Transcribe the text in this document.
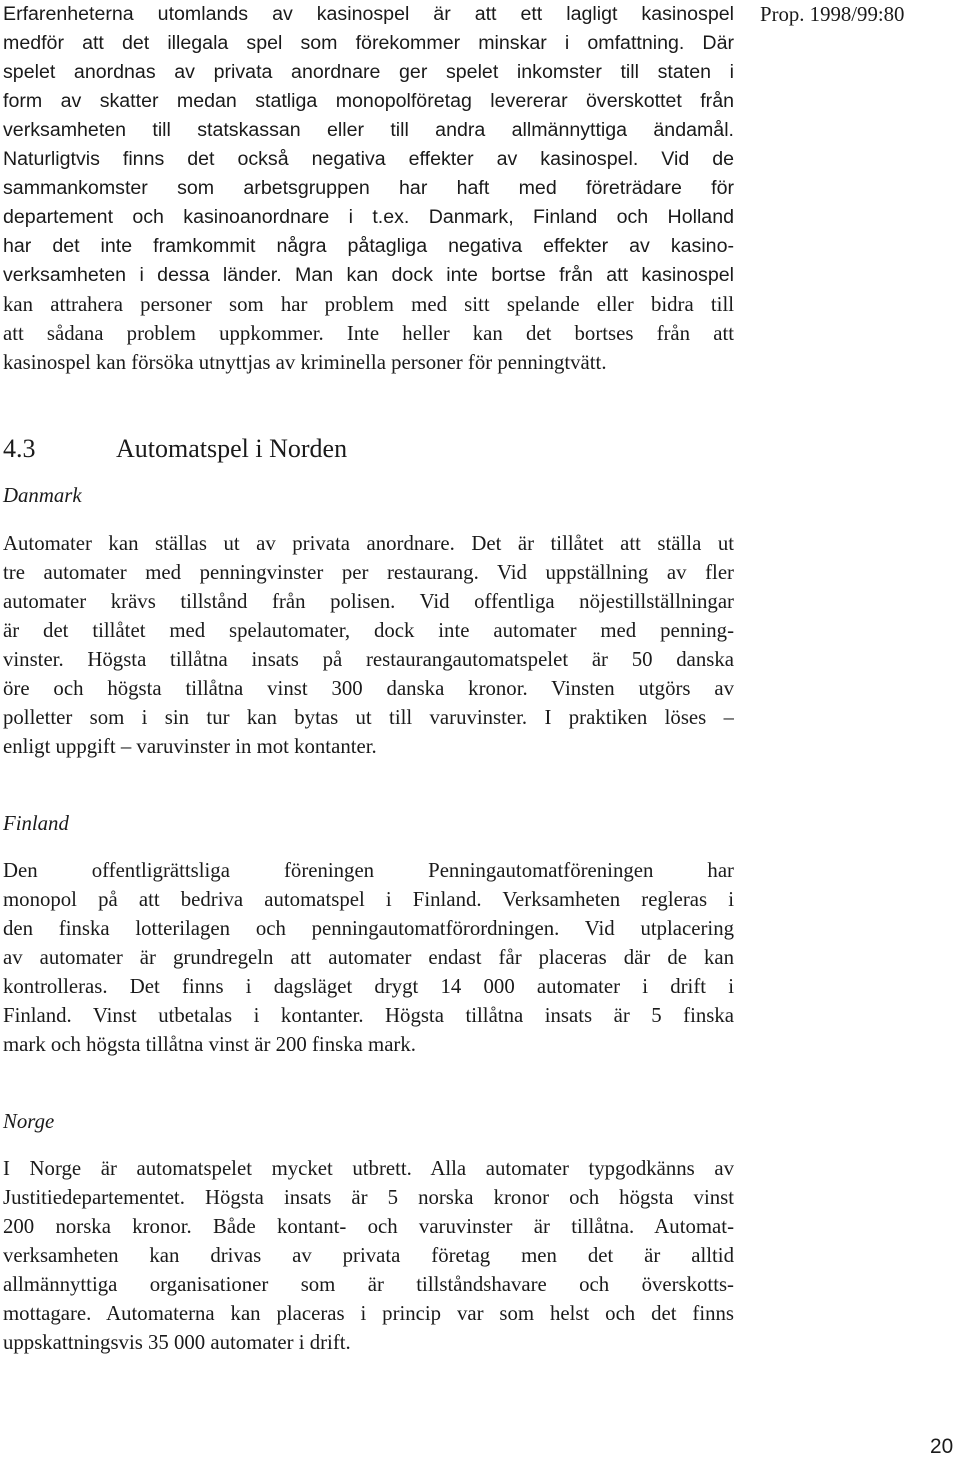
Prop. 1998/99:80
Erfarenheterna utomlands av kasinospel är att ett lagligt kasinospel
medför att det illegala spel som förekommer minskar i omfattning. Där
spelet anordnas av privata anordnare ger spelet inkomster till staten i
form av skatter medan statliga monopolföretag levererar överskottet från
verksamheten till statskassan eller till andra allmännyttiga ändamål.
Naturligtvis finns det också negativa effekter av kasinospel. Vid de
sammankomster som arbetsgruppen har haft med företrädare för
departement och kasinoanordnare i t.ex. Danmark, Finland och Holland
har det inte framkommit några påtagliga negativa effekter av kasino-
verksamheten i dessa länder. Man kan dock inte bortse från att kasinospel
kan attrahera personer som har problem med sitt spelande eller bidra till
att sådana problem uppkommer. Inte heller kan det bortses från att
kasinospel kan försöka utnyttjas av kriminella personer för penningtvätt.
4.3	Automatspel i Norden
Danmark
Automater kan ställas ut av privata anordnare. Det är tillåtet att ställa ut
tre automater med penningvinster per restaurang. Vid uppställning av fler
automater krävs tillstånd från polisen. Vid offentliga nöjestillställningar
är det tillåtet med spelautomater, dock inte automater med penning-
vinster. Högsta tillåtna insats på restaurangautomatspelet är 50 danska
öre och högsta tillåtna vinst 300 danska kronor. Vinsten utgörs av
polletter som i sin tur kan bytas ut till varuvinster. I praktiken löses –
enligt uppgift – varuvinster in mot kontanter.
Finland
Den offentligrättsliga föreningen Penningautomatföreningen har
monopol på att bedriva automatspel i Finland. Verksamheten regleras i
den finska lotterilagen och penningautomatförordningen. Vid utplacering
av automater är grundregeln att automater endast får placeras där de kan
kontrolleras. Det finns i dagsläget drygt 14 000 automater i drift i
Finland. Vinst utbetalas i kontanter. Högsta tillåtna insats är 5 finska
mark och högsta tillåtna vinst är 200 finska mark.
Norge
I Norge är automatspelet mycket utbrett. Alla automater typgodkänns av
Justitiedepartementet. Högsta insats är 5 norska kronor och högsta vinst
200 norska kronor. Både kontant- och varuvinster är tillåtna. Automat-
verksamheten kan drivas av privata företag men det är alltid
allmännyttiga organisationer som är tillståndshavare och överskotts-
mottagare. Automaterna kan placeras i princip var som helst och det finns
uppskattningsvis 35 000 automater i drift.
20
